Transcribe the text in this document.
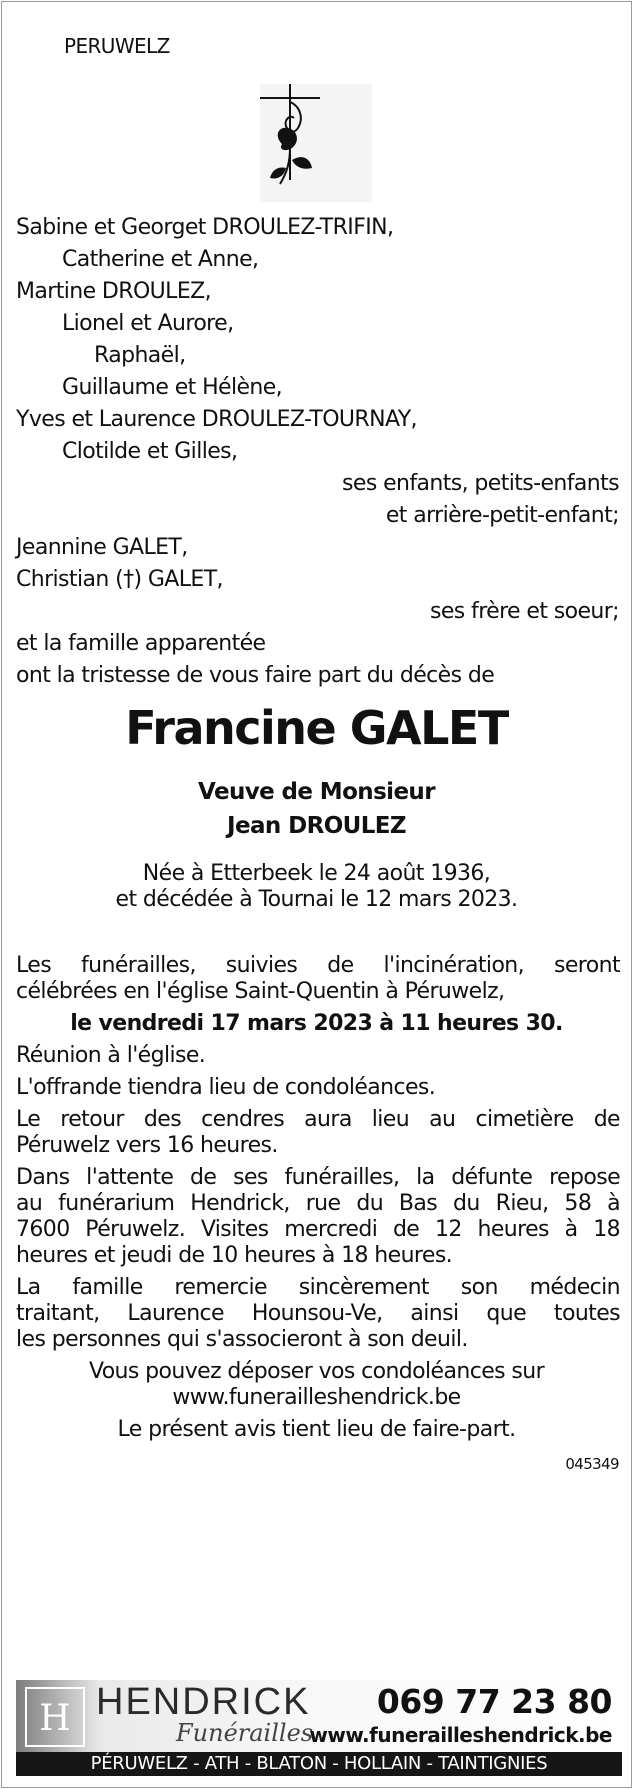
PERUWELZ
Sabine et Georget DROULEZ-TRIFIN,
Catherine et Anne,
Martine DROULEZ,
Lionel et Aurore,
Raphaël,
Guillaume et Hélène,
Yves et Laurence DROULEZ-TOURNAY,
Clotilde et Gilles,
ses enfants, petits-enfants
et arrière-petit-enfant;
Jeannine GALET,
Christian (†) GALET,
ses frère et soeur;
et la famille apparentée
ont la tristesse de vous faire part du décès de
Francine GALET
Veuve de Monsieur
Jean DROULEZ
Née à Etterbeek le 24 août 1936,
et décédée à Tournai le 12 mars 2023.
Les funérailles, suivies de l'incinération, seront
célébrées en l'église Saint-Quentin à Péruwelz,
le vendredi 17 mars 2023 à 11 heures 30.
Réunion à l'église.
L'offrande tiendra lieu de condoléances.
Le retour des cendres aura lieu au cimetière de
Péruwelz vers 16 heures.
Dans l'attente de ses funérailles, la défunte repose
au funérarium Hendrick, rue du Bas du Rieu, 58 à
7600 Péruwelz. Visites mercredi de 12 heures à 18
heures et jeudi de 10 heures à 18 heures.
La famille remercie sincèrement son médecin
traitant, Laurence Hounsou-Ve, ainsi que toutes
les personnes qui s'associeront à son deuil.
Vous pouvez déposer vos condoléances sur
www.funerailleshendrick.be
Le présent avis tient lieu de faire-part.
045349
H HENDRICK
Funérailles
069 77 23 80
www.funerailleshendrick.be
PÉRUWELZ - ATH - BLATON - HOLLAIN - TAINTIGNIES
